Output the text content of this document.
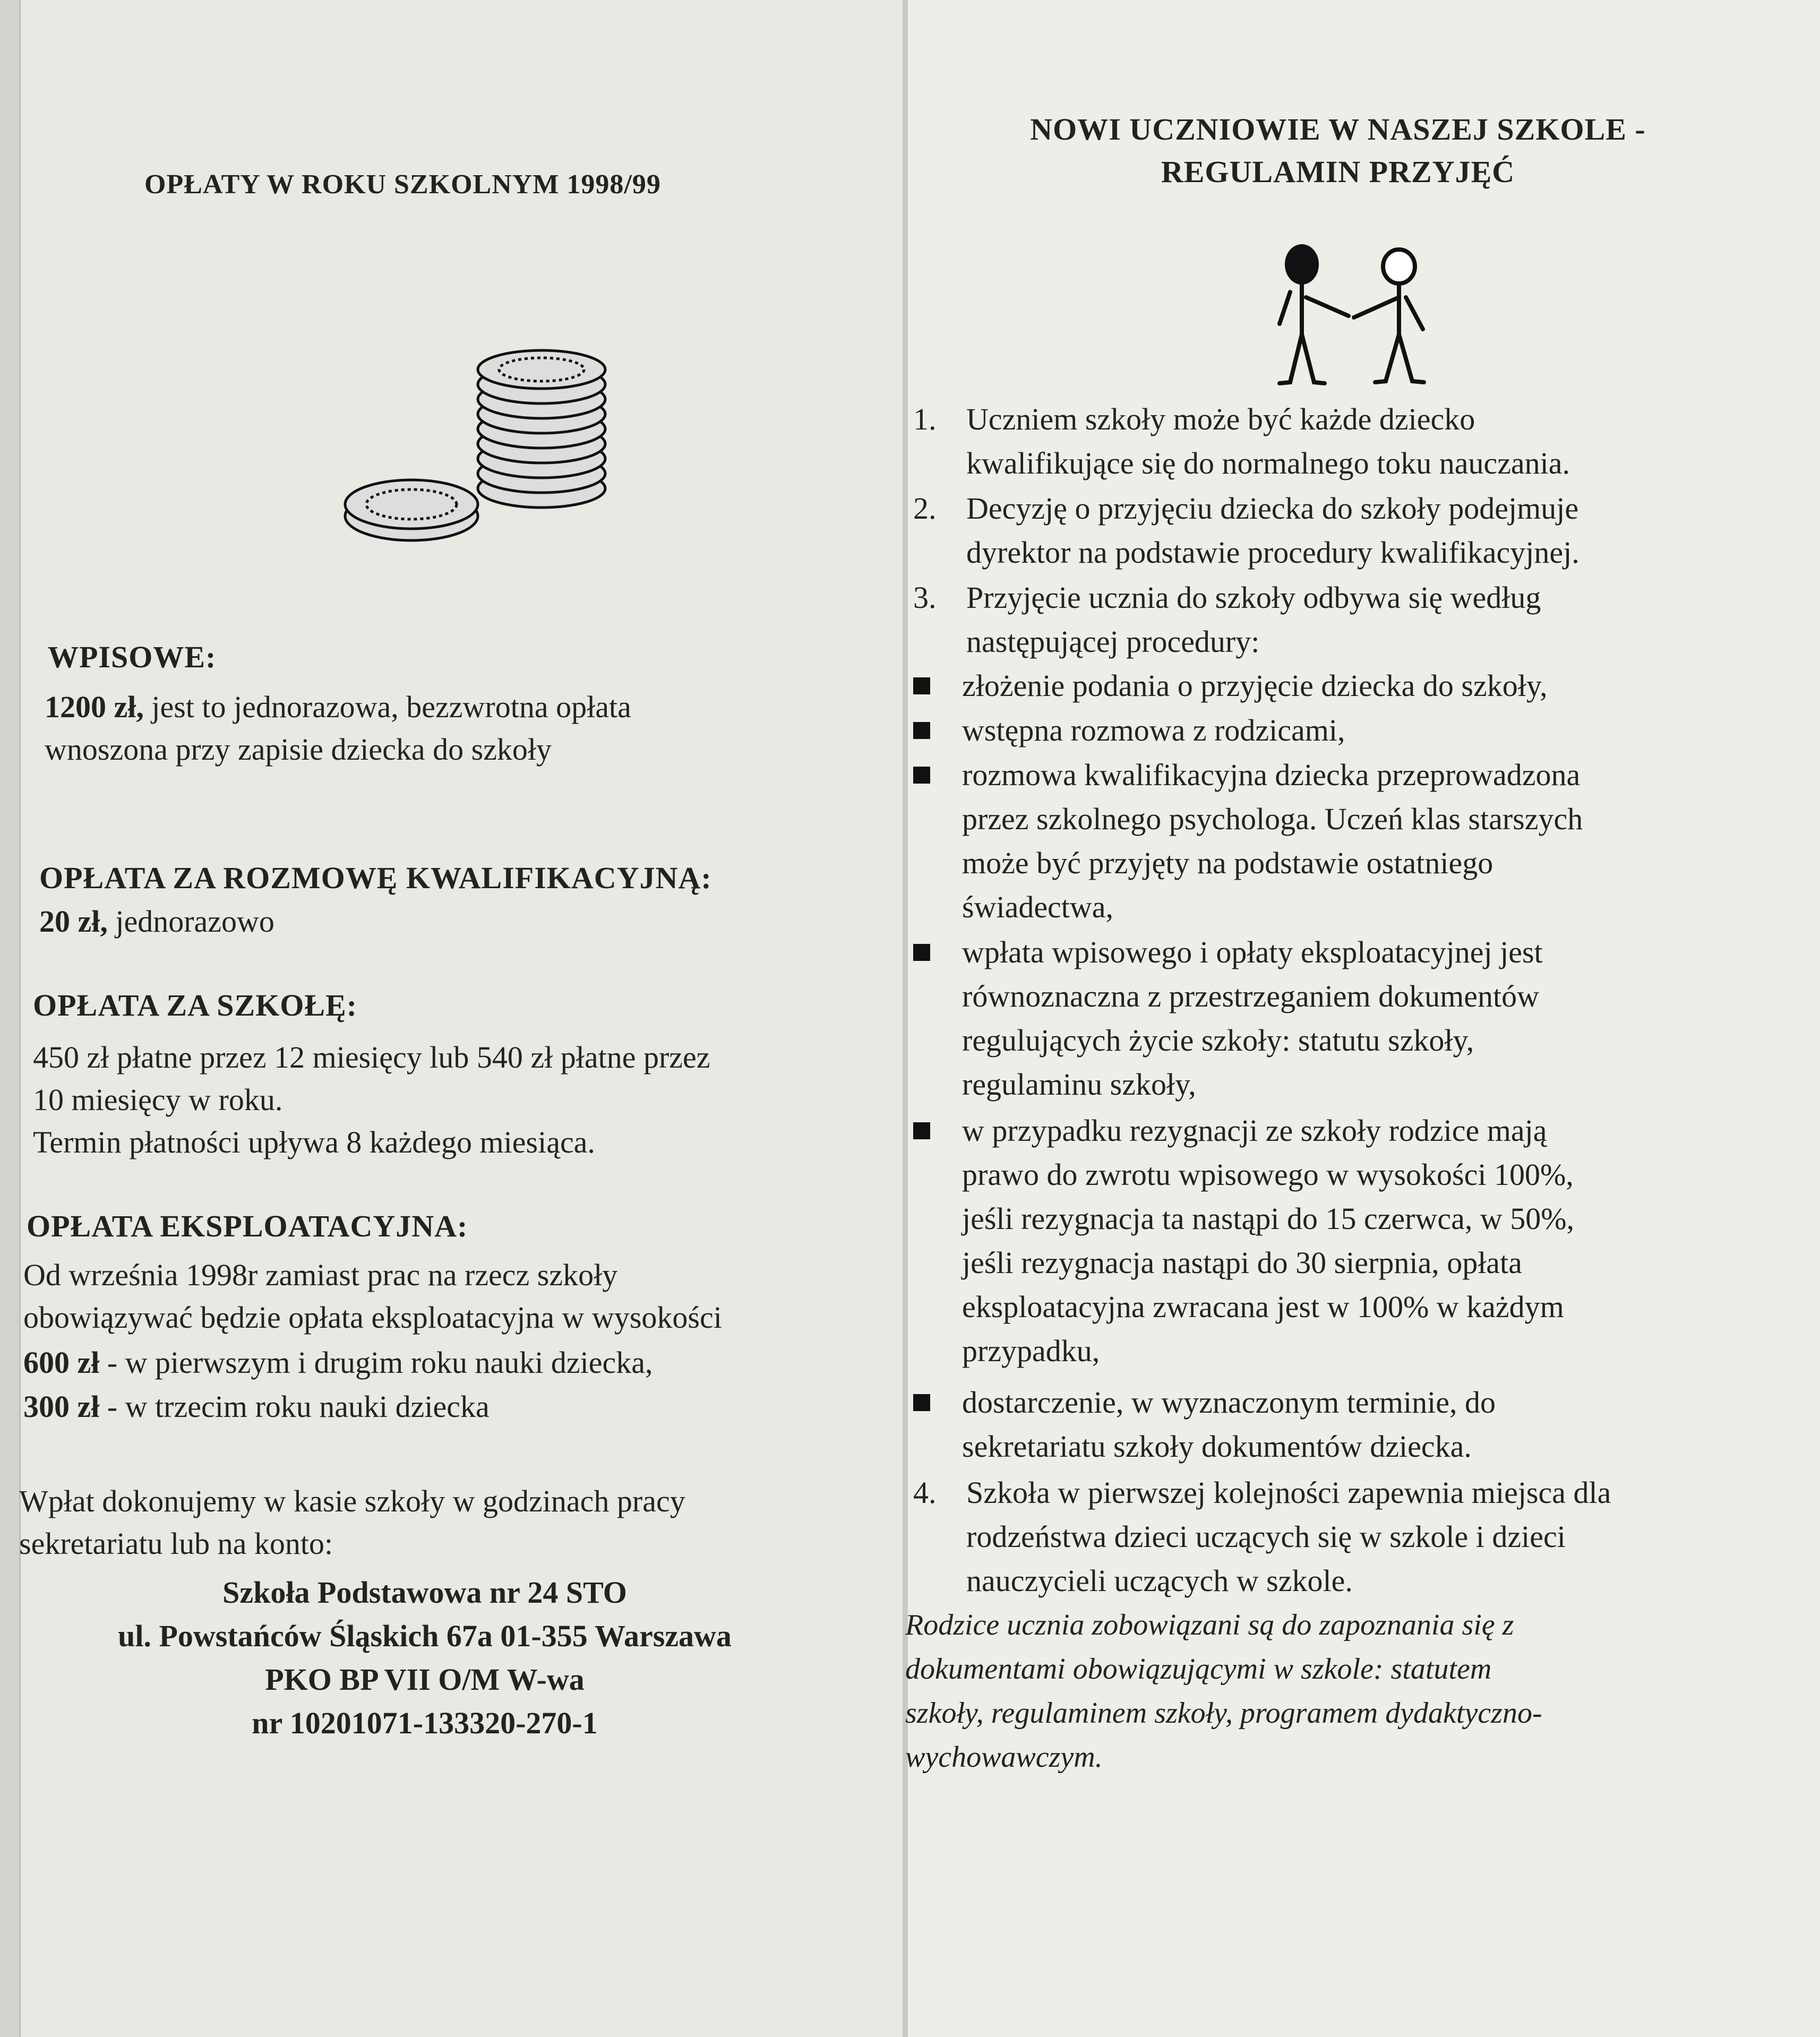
OPŁATY W ROKU SZKOLNYM 1998/99
WPISOWE:
1200 zł, jest to jednorazowa, bezzwrotna opłata
wnoszona przy zapisie dziecka do szkoły
OPŁATA ZA ROZMOWĘ KWALIFIKACYJNĄ:
20 zł, jednorazowo
OPŁATA ZA SZKOŁĘ:
450 zł płatne przez 12 miesięcy lub 540 zł płatne przez
10 miesięcy w roku.
Termin płatności upływa 8 każdego miesiąca.
OPŁATA EKSPLOATACYJNA:
Od września 1998r zamiast prac na rzecz szkoły
obowiązywać będzie opłata eksploatacyjna w wysokości
600 zł - w pierwszym i drugim roku nauki dziecka,
300 zł - w trzecim roku nauki dziecka
Wpłat dokonujemy w kasie szkoły w godzinach pracy
sekretariatu lub na konto:
Szkoła Podstawowa nr 24 STO
ul. Powstańców Śląskich 67a 01-355 Warszawa
PKO BP VII O/M W-wa
nr 10201071-133320-270-1
NOWI UCZNIOWIE W NASZEJ SZKOLE -
REGULAMIN PRZYJĘĆ
1. Uczniem szkoły może być każde dziecko
kwalifikujące się do normalnego toku nauczania.
2. Decyzję o przyjęciu dziecka do szkoły podejmuje
dyrektor na podstawie procedury kwalifikacyjnej.
3. Przyjęcie ucznia do szkoły odbywa się według
następującej procedury:
złożenie podania o przyjęcie dziecka do szkoły,
wstępna rozmowa z rodzicami,
rozmowa kwalifikacyjna dziecka przeprowadzona
przez szkolnego psychologa. Uczeń klas starszych
może być przyjęty na podstawie ostatniego
świadectwa,
wpłata wpisowego i opłaty eksploatacyjnej jest
równoznaczna z przestrzeganiem dokumentów
regulujących życie szkoły: statutu szkoły,
regulaminu szkoły,
w przypadku rezygnacji ze szkoły rodzice mają
prawo do zwrotu wpisowego w wysokości 100%,
jeśli rezygnacja ta nastąpi do 15 czerwca, w 50%,
jeśli rezygnacja nastąpi do 30 sierpnia, opłata
eksploatacyjna zwracana jest w 100% w każdym
przypadku,
dostarczenie, w wyznaczonym terminie, do
sekretariatu szkoły dokumentów dziecka.
4. Szkoła w pierwszej kolejności zapewnia miejsca dla
rodzeństwa dzieci uczących się w szkole i dzieci
nauczycieli uczących w szkole.
Rodzice ucznia zobowiązani są do zapoznania się z
dokumentami obowiązującymi w szkole: statutem
szkoły, regulaminem szkoły, programem dydaktyczno-
wychowawczym.
